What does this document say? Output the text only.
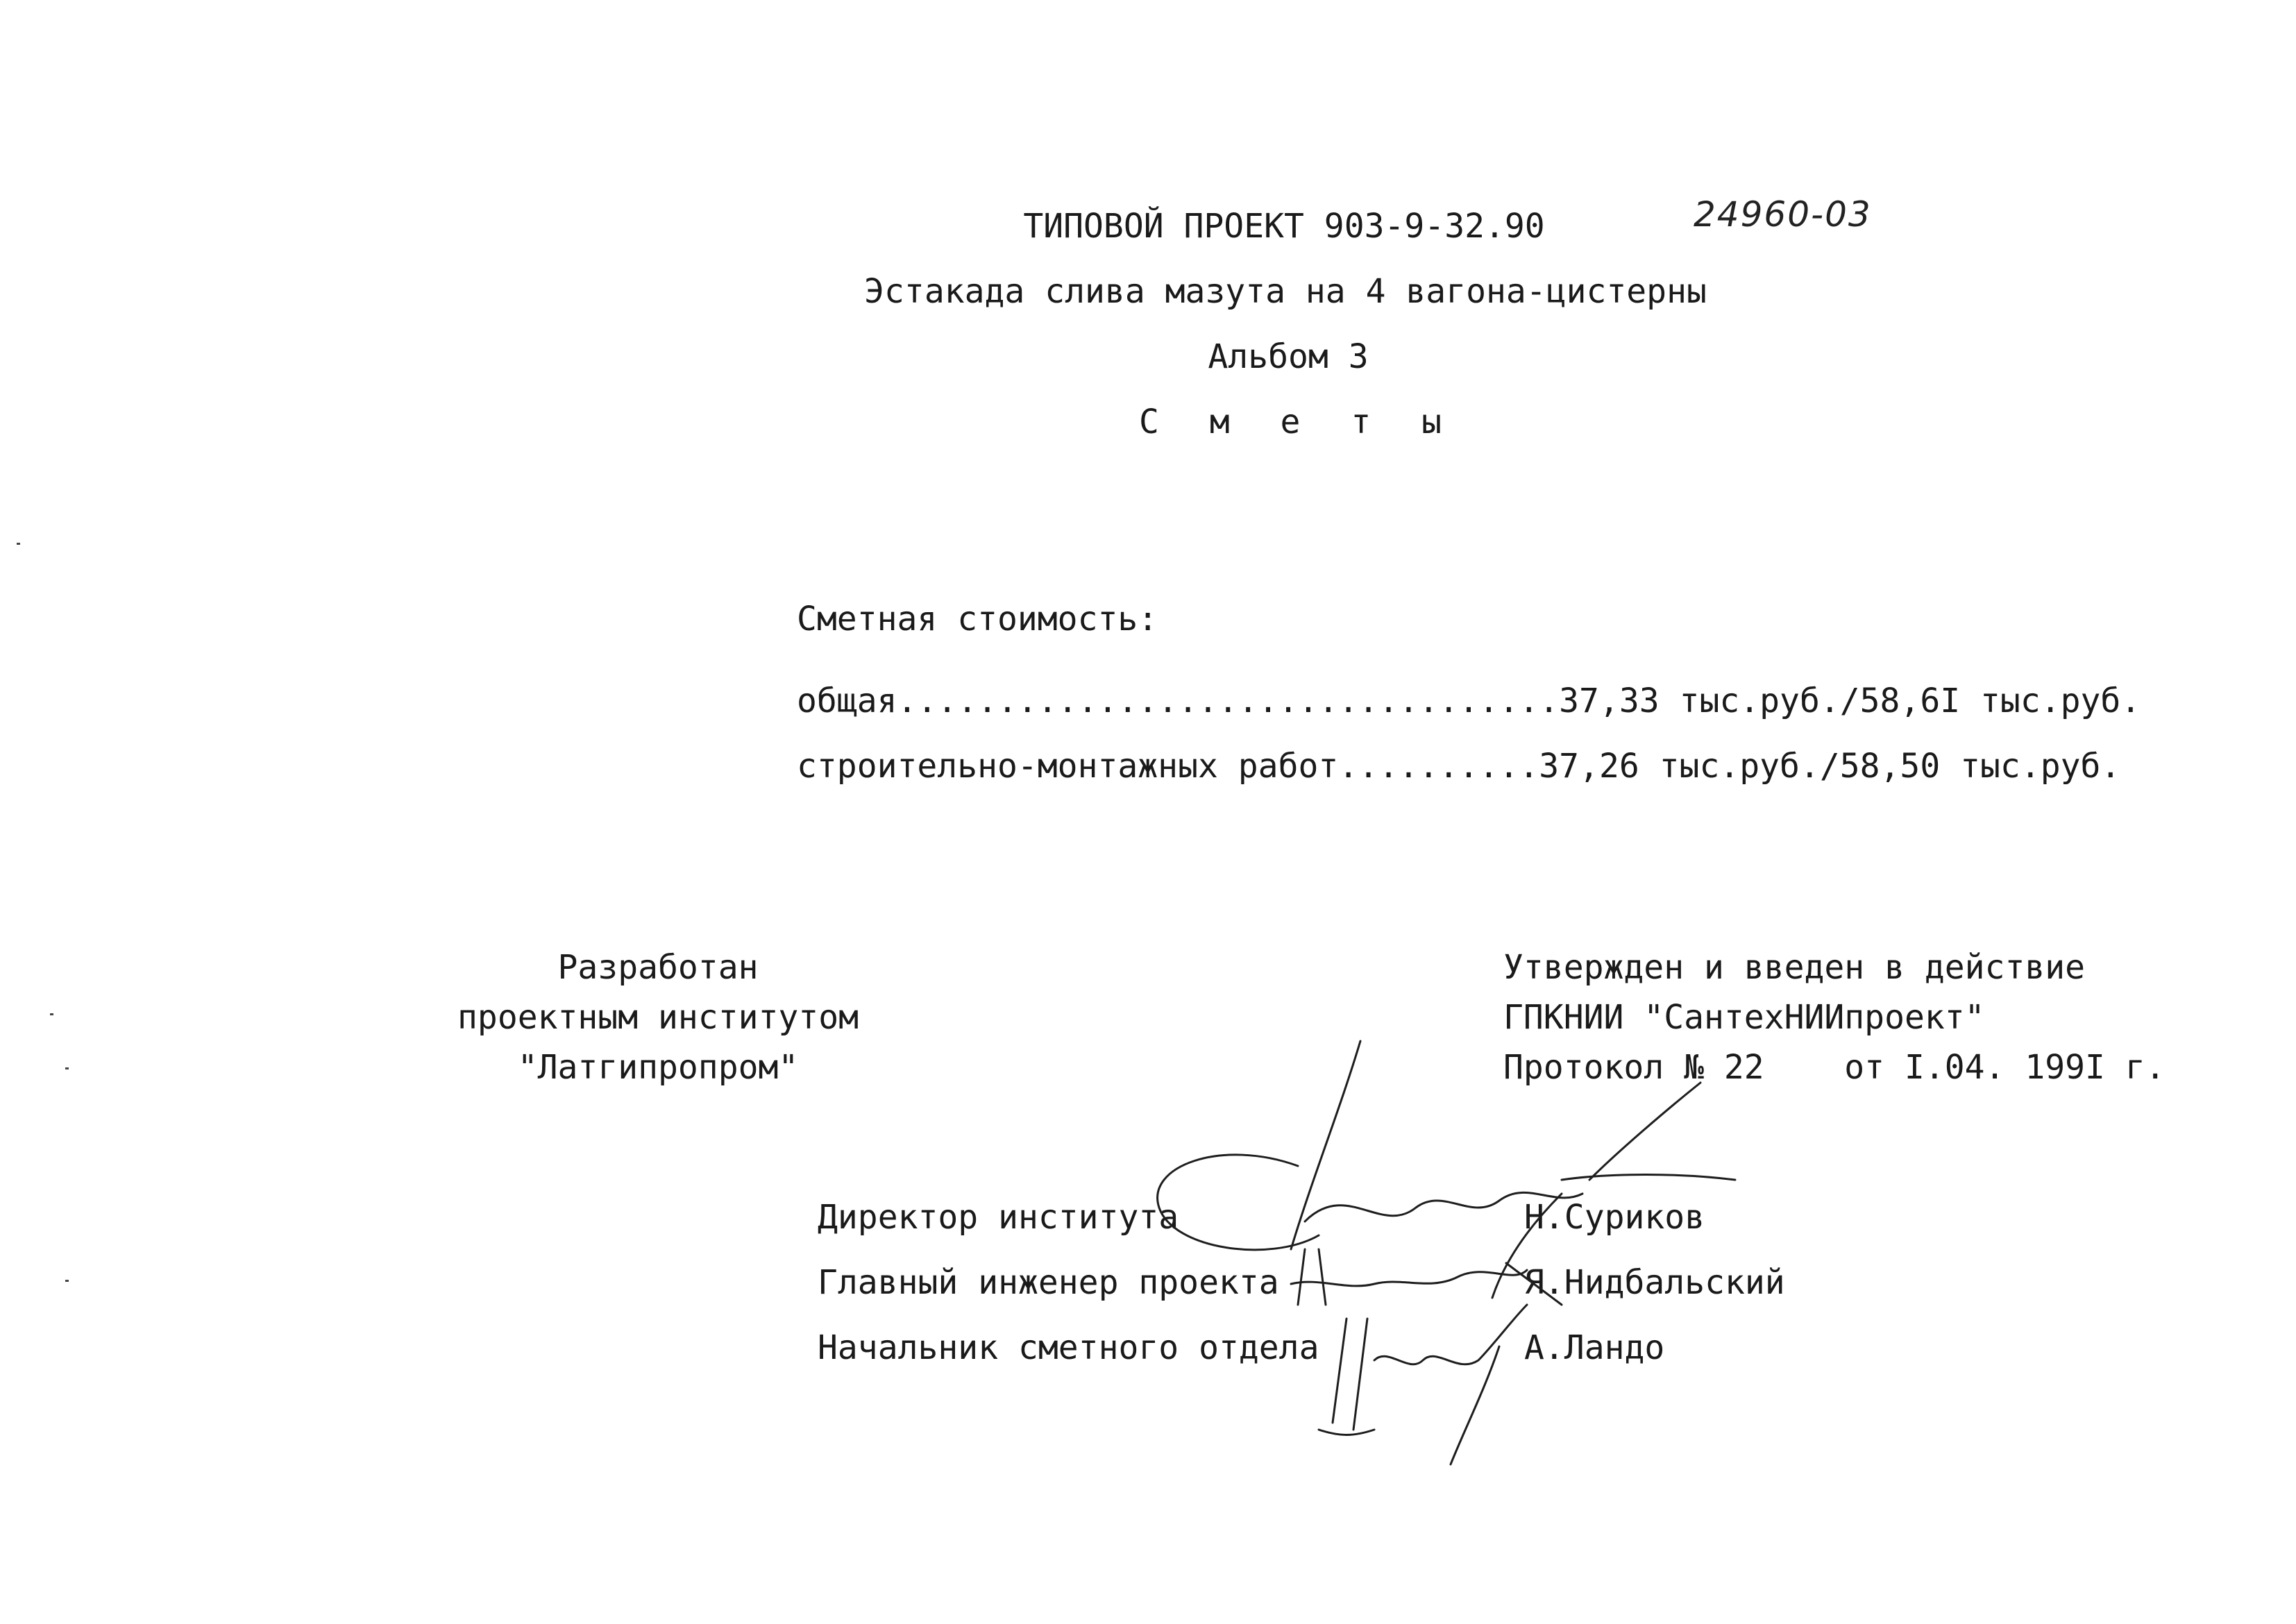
ТИПОВОЙ ПРОЕКТ 903-9-32.90	24960-03
Эстакада слива мазута на 4 вагона-цистерны
Альбом 3
С м е т ы
Сметная стоимость:
общая.................................37,33 тыс.руб./58,6I тыс.руб.
строительно-монтажных работ..........37,26 тыс.руб./58,50 тыс.руб.
Разработан
проектным институтом
"Латгипропром"
Утвержден и введен в действие
ГПКНИИ "СантехНИИпроект"
Протокол № 22    от I.04. 199I г.
Директор института	Н.Суриков
Главный инженер проекта	Я.Нидбальский
Начальник сметного отдела	А.Ландо
